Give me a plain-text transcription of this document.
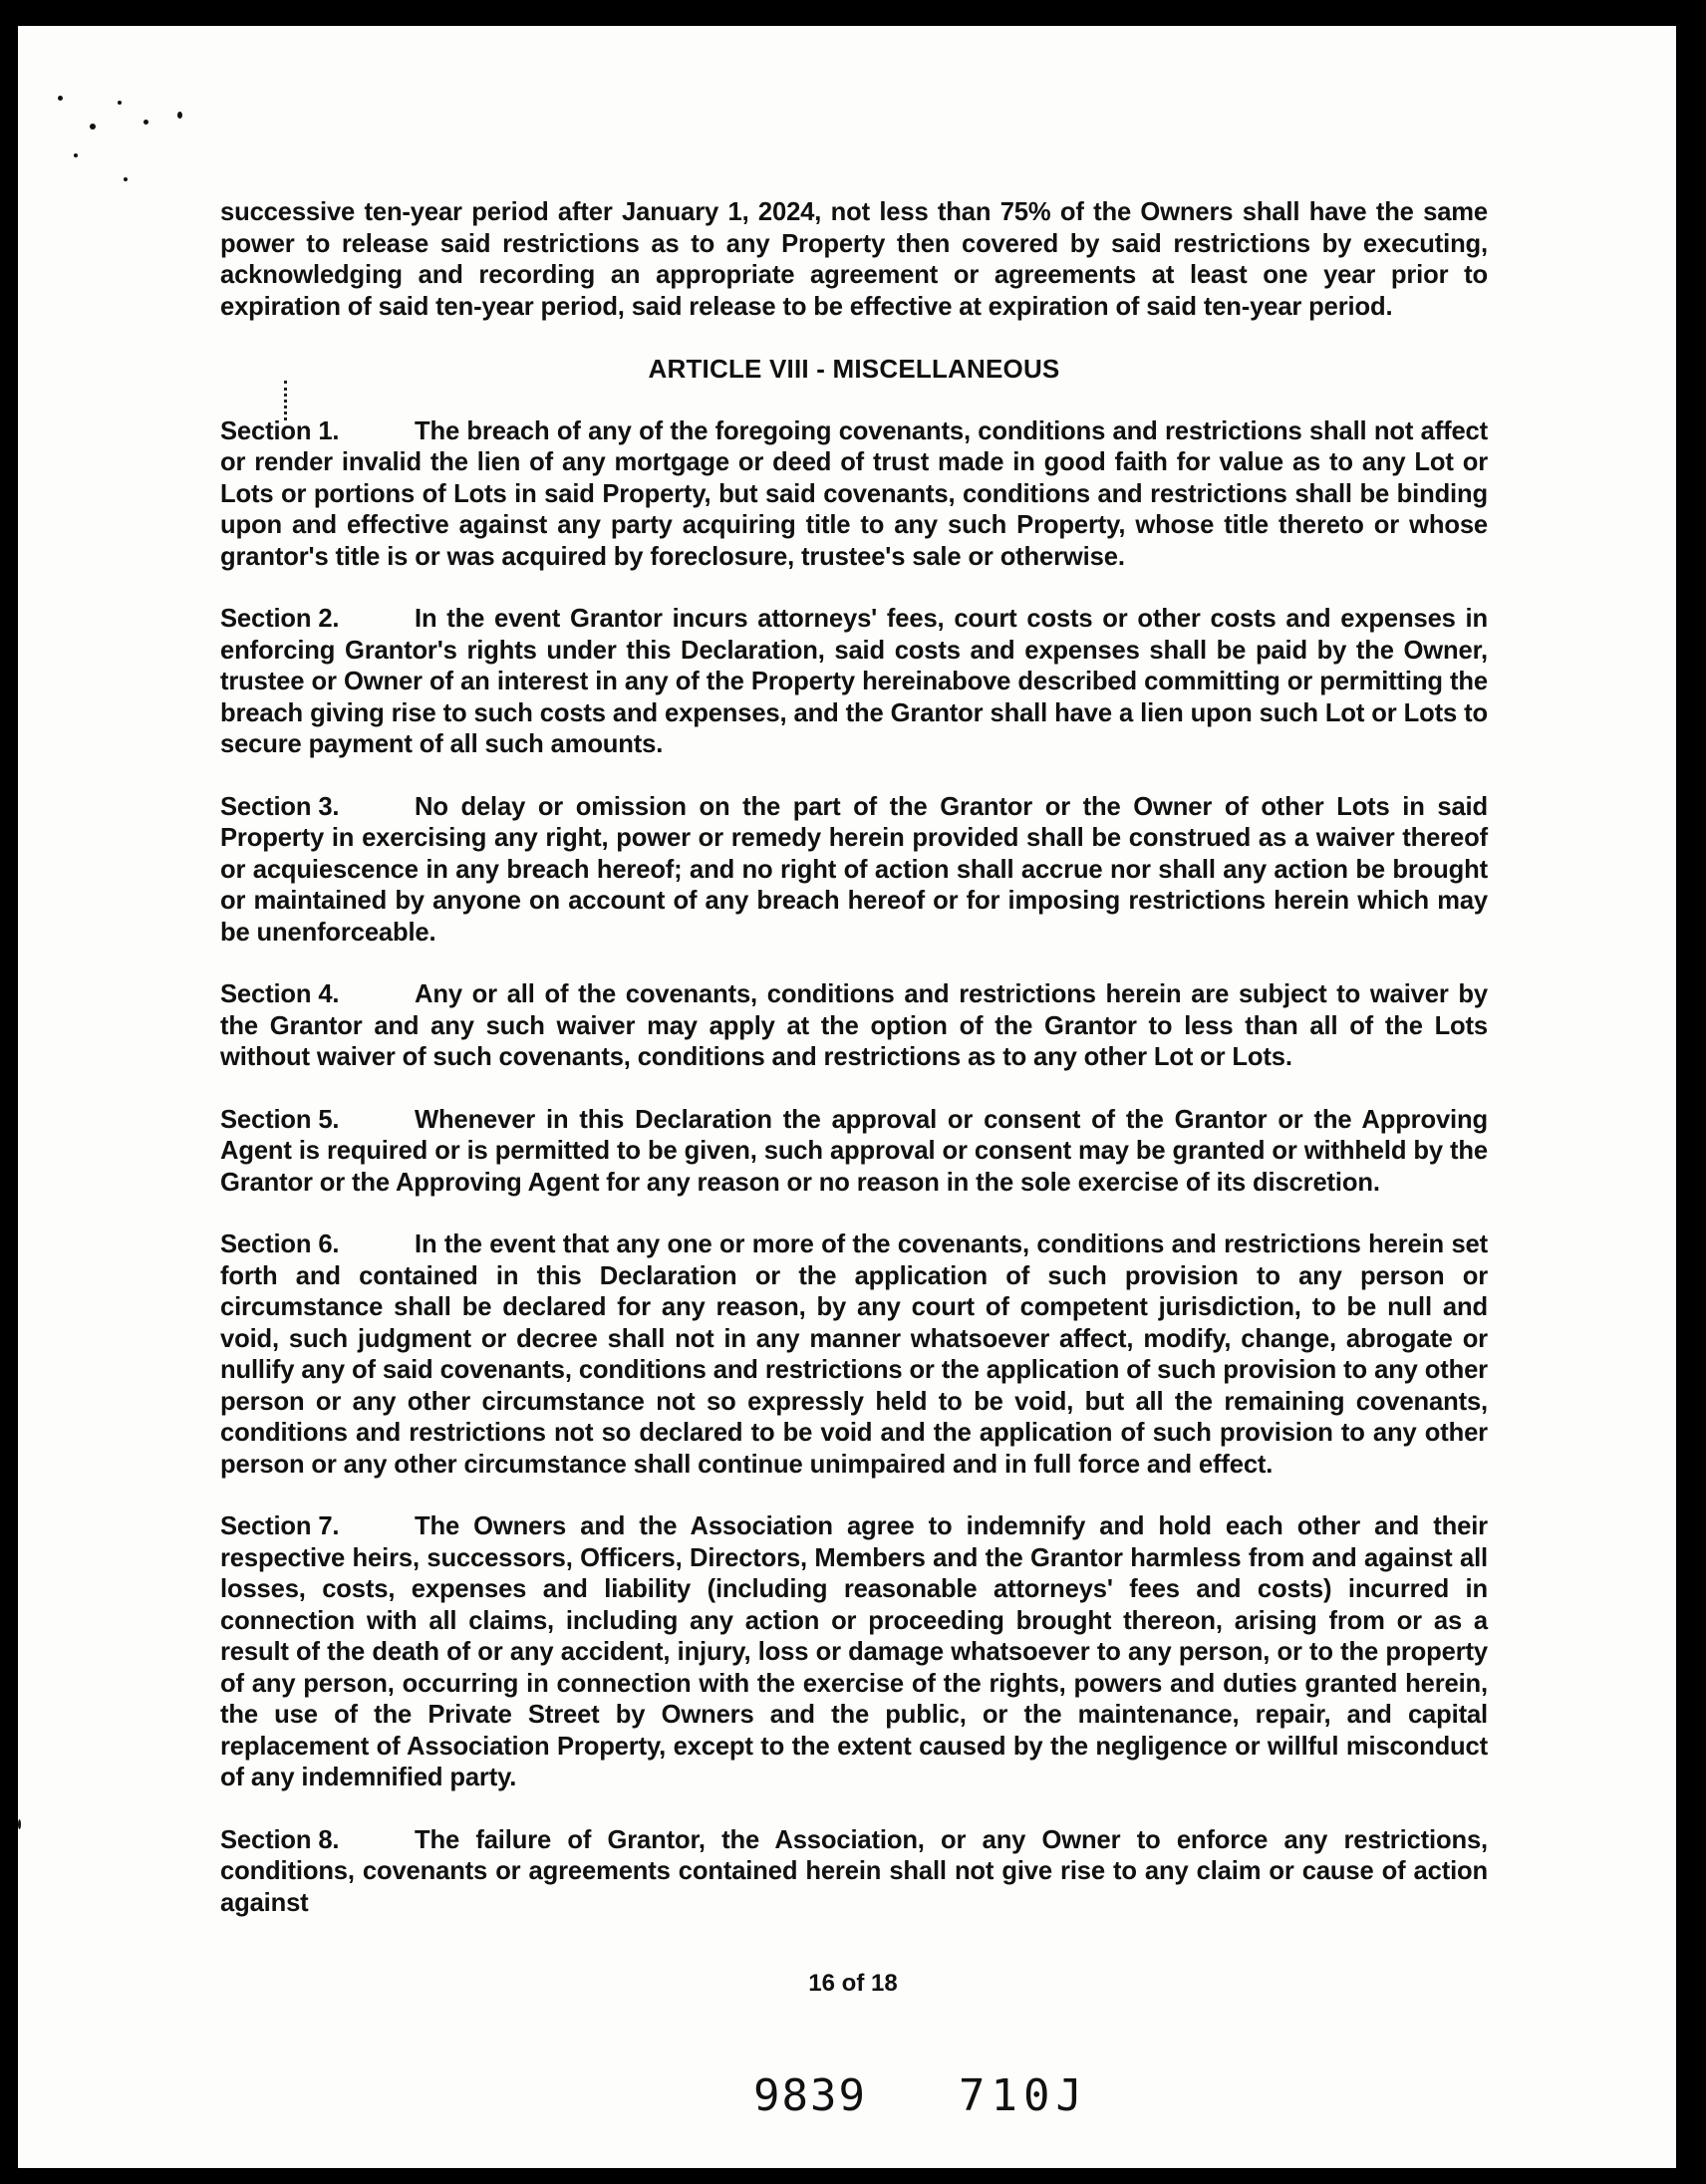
successive ten-year period after January 1, 2024, not less than 75% of the Owners shall have the same power to release said restrictions as to any Property then covered by said restrictions by executing, acknowledging and recording an appropriate agreement or agreements at least one year prior to expiration of said ten-year period, said release to be effective at expiration of said ten-year period.

ARTICLE VIII - MISCELLANEOUS

Section 1.	The breach of any of the foregoing covenants, conditions and restrictions shall not affect or render invalid the lien of any mortgage or deed of trust made in good faith for value as to any Lot or Lots or portions of Lots in said Property, but said covenants, conditions and restrictions shall be binding upon and effective against any party acquiring title to any such Property, whose title thereto or whose grantor's title is or was acquired by foreclosure, trustee's sale or otherwise.

Section 2.	In the event Grantor incurs attorneys' fees, court costs or other costs and expenses in enforcing Grantor's rights under this Declaration, said costs and expenses shall be paid by the Owner, trustee or Owner of an interest in any of the Property hereinabove described committing or permitting the breach giving rise to such costs and expenses, and the Grantor shall have a lien upon such Lot or Lots to secure payment of all such amounts.

Section 3.	No delay or omission on the part of the Grantor or the Owner of other Lots in said Property in exercising any right, power or remedy herein provided shall be construed as a waiver thereof or acquiescence in any breach hereof; and no right of action shall accrue nor shall any action be brought or maintained by anyone on account of any breach hereof or for imposing restrictions herein which may be unenforceable.

Section 4.	Any or all of the covenants, conditions and restrictions herein are subject to waiver by the Grantor and any such waiver may apply at the option of the Grantor to less than all of the Lots without waiver of such covenants, conditions and restrictions as to any other Lot or Lots.

Section 5.	Whenever in this Declaration the approval or consent of the Grantor or the Approving Agent is required or is permitted to be given, such approval or consent may be granted or withheld by the Grantor or the Approving Agent for any reason or no reason in the sole exercise of its discretion.

Section 6.	In the event that any one or more of the covenants, conditions and restrictions herein set forth and contained in this Declaration or the application of such provision to any person or circumstance shall be declared for any reason, by any court of competent jurisdiction, to be null and void, such judgment or decree shall not in any manner whatsoever affect, modify, change, abrogate or nullify any of said covenants, conditions and restrictions or the application of such provision to any other person or any other circumstance not so expressly held to be void, but all the remaining covenants, conditions and restrictions not so declared to be void and the application of such provision to any other person or any other circumstance shall continue unimpaired and in full force and effect.

Section 7.	The Owners and the Association agree to indemnify and hold each other and their respective heirs, successors, Officers, Directors, Members and the Grantor harmless from and against all losses, costs, expenses and liability (including reasonable attorneys' fees and costs) incurred in connection with all claims, including any action or proceeding brought thereon, arising from or as a result of the death of or any accident, injury, loss or damage whatsoever to any person, or to the property of any person, occurring in connection with the exercise of the rights, powers and duties granted herein, the use of the Private Street by Owners and the public, or the maintenance, repair, and capital replacement of Association Property, except to the extent caused by the negligence or willful misconduct of any indemnified party.

Section 8.	The failure of Grantor, the Association, or any Owner to enforce any restrictions, conditions, covenants or agreements contained herein shall not give rise to any claim or cause of action against

16 of 18
9839 710J
